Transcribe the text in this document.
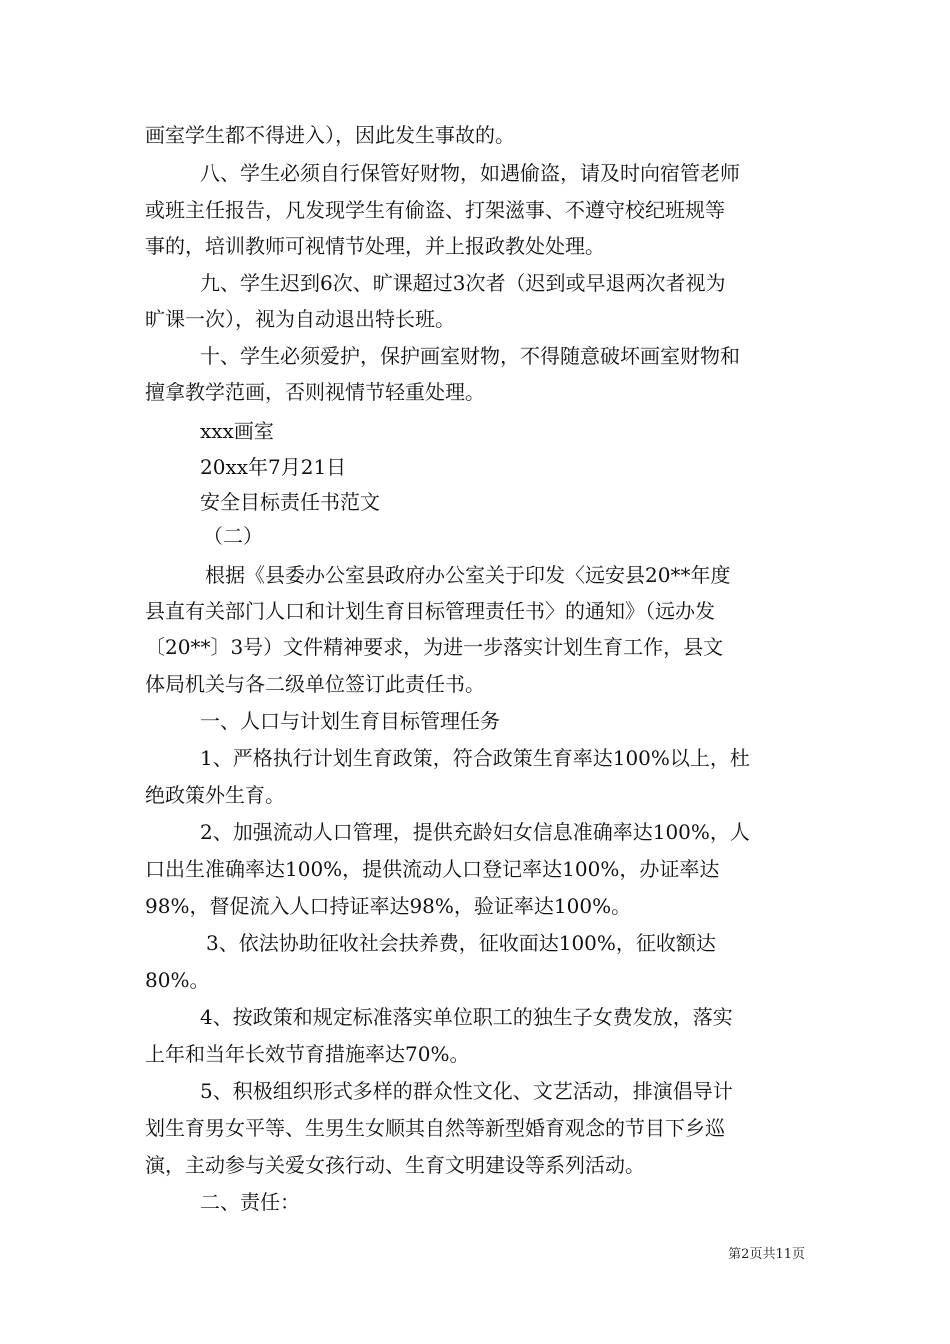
画室学生都不得进入），因此发生事故的。
八、学生必须自行保管好财物，如遇偷盗，请及时向宿管老师
或班主任报告，凡发现学生有偷盗、打架滋事、不遵守校纪班规等
事的，培训教师可视情节处理，并上报政教处处理。
九、学生迟到6次、旷课超过3次者（迟到或早退两次者视为
旷课一次），视为自动退出特长班。
十、学生必须爱护，保护画室财物，不得随意破坏画室财物和
擅拿教学范画，否则视情节轻重处理。
xxx画室
20xx年7月21日
安全目标责任书范文
（二）
根据《县委办公室县政府办公室关于印发〈远安县20**年度
县直有关部门人口和计划生育目标管理责任书〉的通知》（远办发
〔20**〕3号）文件精神要求，为进一步落实计划生育工作，县文
体局机关与各二级单位签订此责任书。
一、人口与计划生育目标管理任务
1、严格执行计划生育政策，符合政策生育率达100%以上，杜
绝政策外生育。
2、加强流动人口管理，提供充龄妇女信息准确率达100%，人
口出生准确率达100%，提供流动人口登记率达100%，办证率达
98%，督促流入人口持证率达98%，验证率达100%。
3、依法协助征收社会扶养费，征收面达100%，征收额达
80%。
4、按政策和规定标准落实单位职工的独生子女费发放，落实
上年和当年长效节育措施率达70%。
5、积极组织形式多样的群众性文化、文艺活动，排演倡导计
划生育男女平等、生男生女顺其自然等新型婚育观念的节目下乡巡
演，主动参与关爱女孩行动、生育文明建设等系列活动。
二、责任：
第2页共11页
